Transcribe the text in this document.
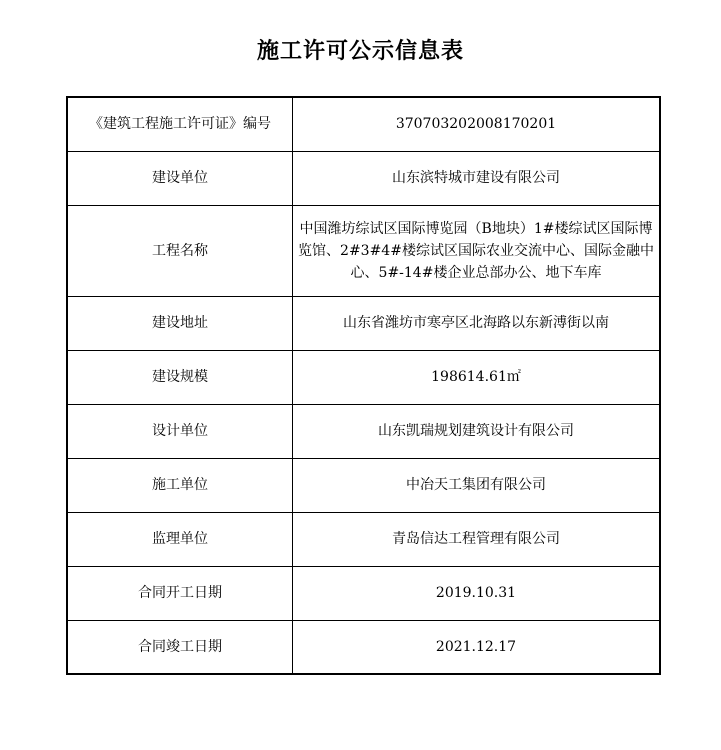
施工许可公示信息表
《建筑工程施工许可证》编号	370703202008170201
建设单位	山东滨特城市建设有限公司
工程名称	中国潍坊综试区国际博览园（B地块）1#楼综试区国际博览馆、2#3#4#楼综试区国际农业交流中心、国际金融中心、5#-14#楼企业总部办公、地下车库
建设地址	山东省潍坊市寒亭区北海路以东新溥街以南
建设规模	198614.61㎡
设计单位	山东凯瑞规划建筑设计有限公司
施工单位	中冶天工集团有限公司
监理单位	青岛信达工程管理有限公司
合同开工日期	2019.10.31
合同竣工日期	2021.12.17
